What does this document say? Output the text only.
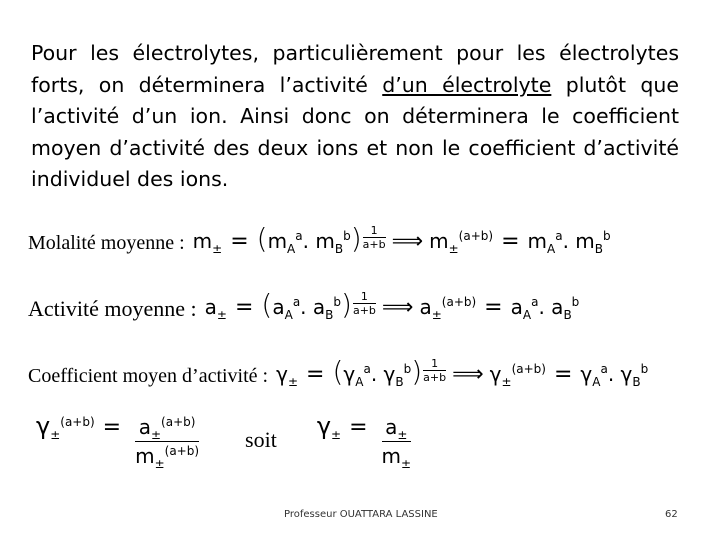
Pour les électrolytes, particulièrement pour les électrolytes forts, on déterminera l’activité d’un électrolyte plutôt que l’activité d’un ion. Ainsi donc on déterminera le coefficient moyen d’activité des deux ions et non le coefficient d’activité individuel des ions.
Molalité moyenne : $m_\pm = (m_A^a$. $m_B^b) \frac{1}{a+b}$ ⟹ $m_\pm^{(a+b)} = m_A^a$. $m_B^b$
Activité moyenne : $a_\pm = (a_A^a$. $a_B^b) \frac{1}{a+b}$ ⟹ $a_\pm^{(a+b)} = a_A^a$. $a_B^b$
Coefficient moyen d’activité : $\gamma_\pm = (\gamma_A^a$. $\gamma_B^b) \frac{1}{a+b}$ ⟹ $\gamma_\pm^{(a+b)} = \gamma_A^a$. $\gamma_B^b$
$\gamma_\pm^{(a+b)} = \frac{a_\pm^{(a+b)}}{m_\pm^{(a+b)}}$ soit $\gamma_\pm = \frac{a_\pm}{m_\pm}$
Professeur OUATTARA LASSINE	62
